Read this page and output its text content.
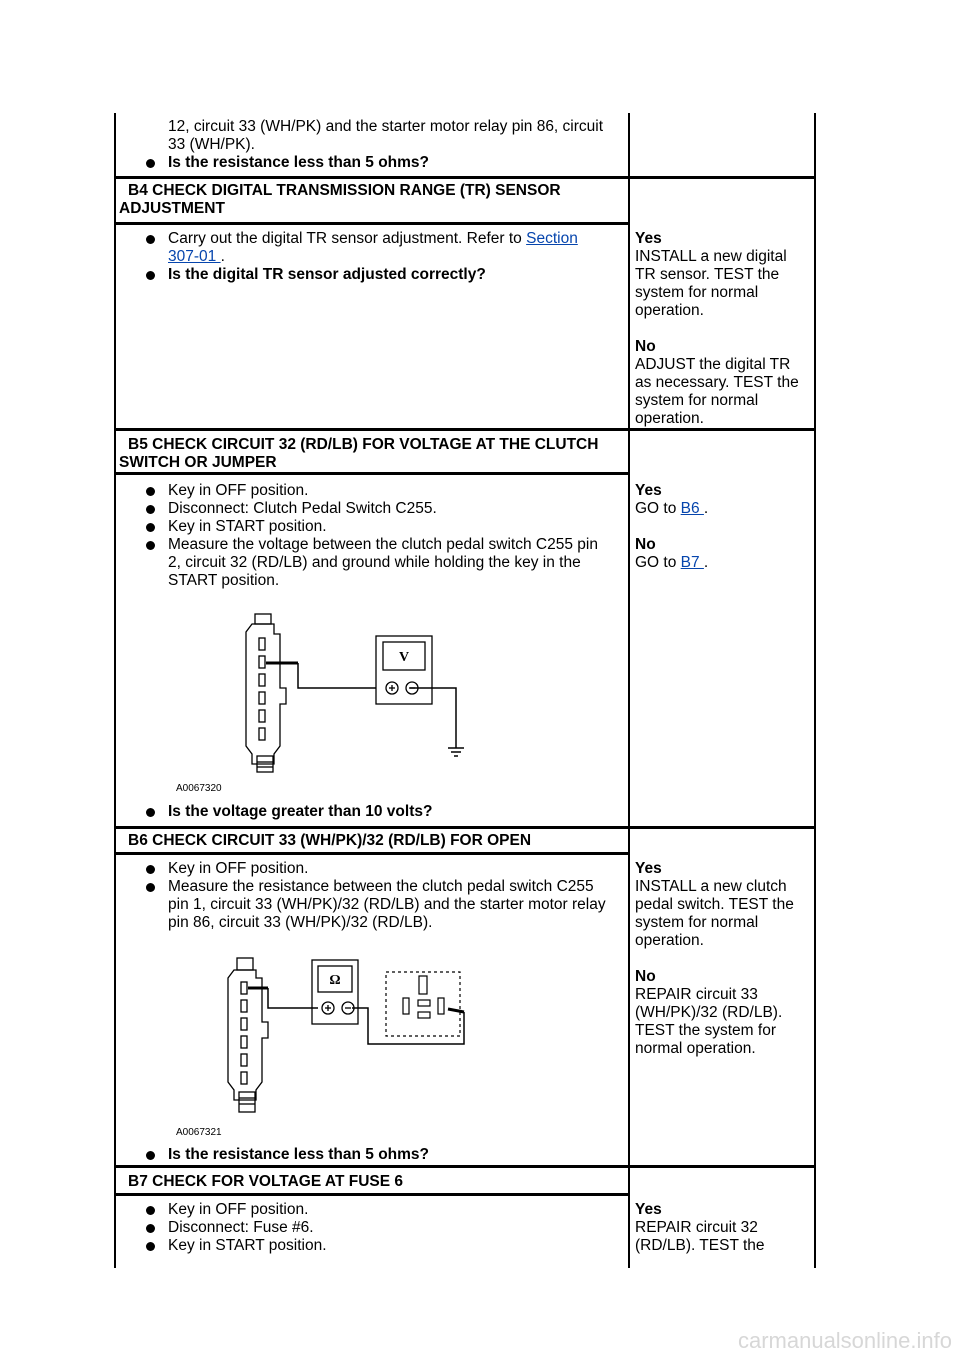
12, circuit 33 (WH/PK) and the starter motor relay pin 86, circuit
33 (WH/PK).
Is the resistance less than 5 ohms?
B4 CHECK DIGITAL TRANSMISSION RANGE (TR) SENSOR
ADJUSTMENT
Carry out the digital TR sensor adjustment. Refer to Section
307-01 .
Is the digital TR sensor adjusted correctly?
Yes
INSTALL a new digital
TR sensor. TEST the
system for normal
operation.
No
ADJUST the digital TR
as necessary. TEST the
system for normal
operation.
B5 CHECK CIRCUIT 32 (RD/LB) FOR VOLTAGE AT THE CLUTCH
SWITCH OR JUMPER
Key in OFF position.
Disconnect: Clutch Pedal Switch C255.
Key in START position.
Measure the voltage between the clutch pedal switch C255 pin
2, circuit 32 (RD/LB) and ground while holding the key in the
START position.
V
A0067320
Is the voltage greater than 10 volts?
Yes
GO to B6 .
No
GO to B7 .
B6 CHECK CIRCUIT 33 (WH/PK)/32 (RD/LB) FOR OPEN
Key in OFF position.
Measure the resistance between the clutch pedal switch C255
pin 1, circuit 33 (WH/PK)/32 (RD/LB) and the starter motor relay
pin 86, circuit 33 (WH/PK)/32 (RD/LB).
Ω
A0067321
Is the resistance less than 5 ohms?
Yes
INSTALL a new clutch
pedal switch. TEST the
system for normal
operation.
No
REPAIR circuit 33
(WH/PK)/32 (RD/LB).
TEST the system for
normal operation.
B7 CHECK FOR VOLTAGE AT FUSE 6
Key in OFF position.
Disconnect: Fuse #6.
Key in START position.
Yes
REPAIR circuit 32
(RD/LB). TEST the
carmanualsonline.info
